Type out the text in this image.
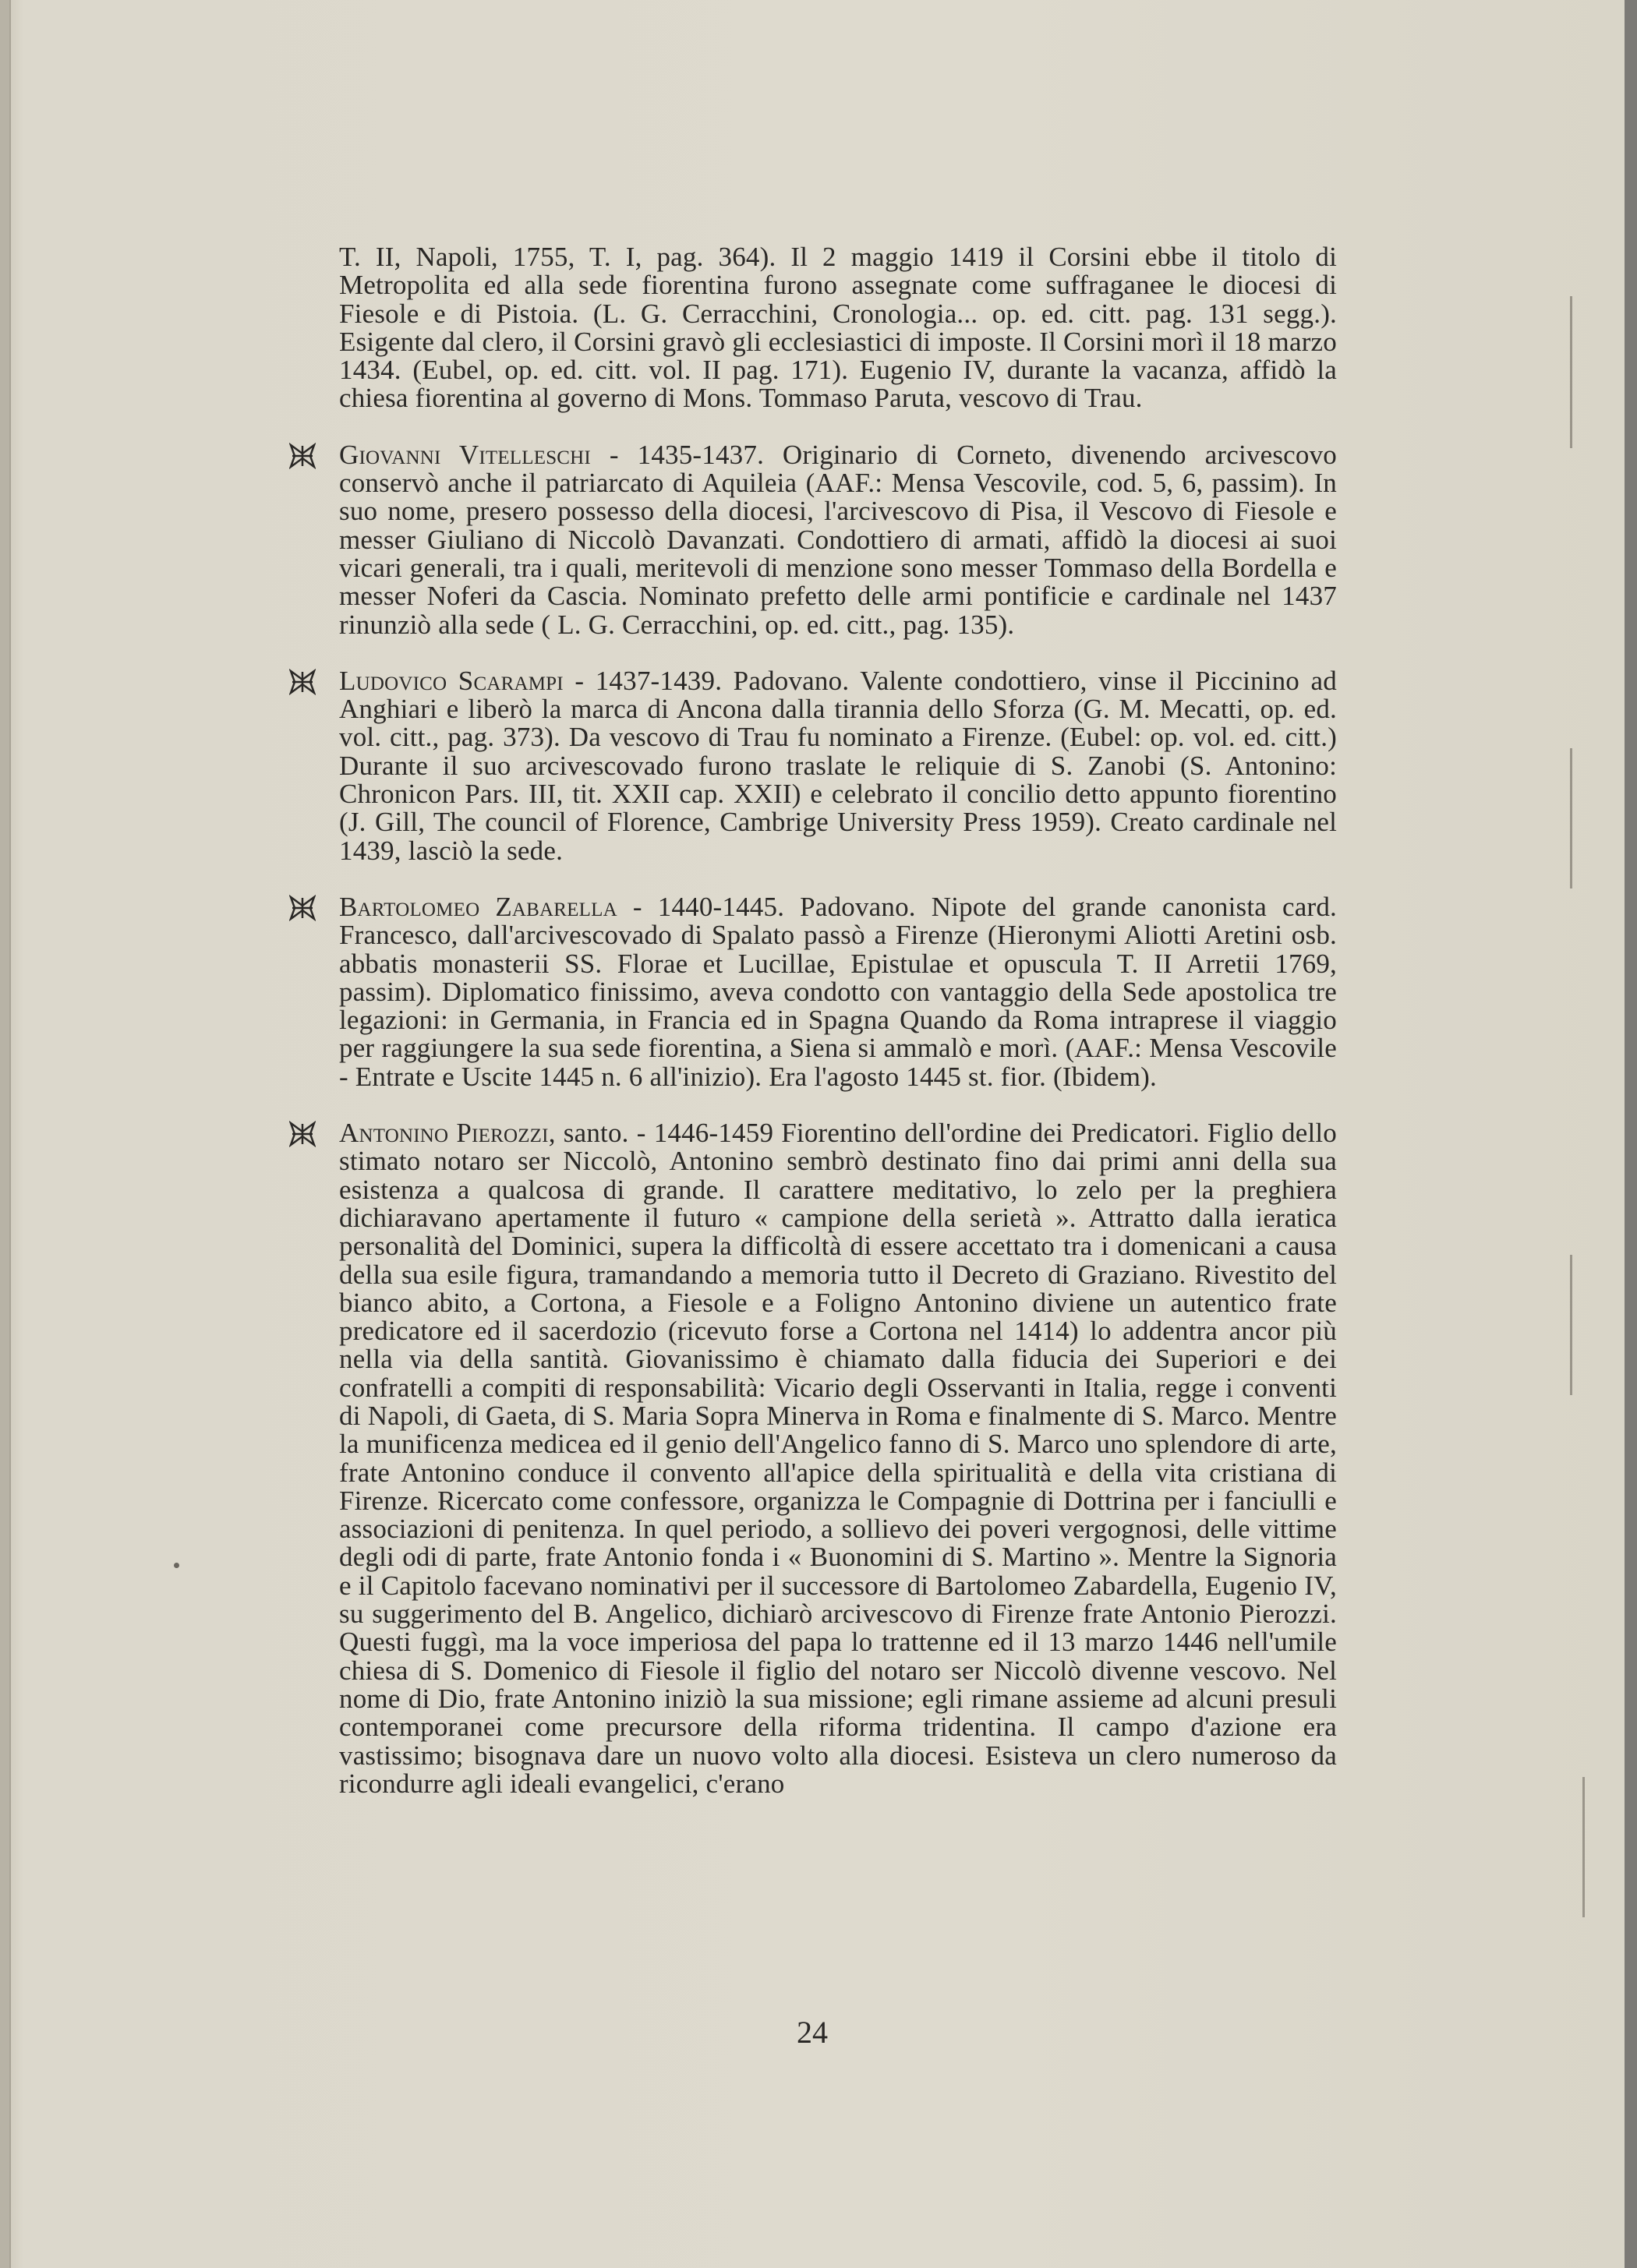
T. II, Napoli, 1755, T. I, pag. 364). Il 2 maggio 1419 il Corsini ebbe il titolo di Metropolita ed alla sede fiorentina furono assegnate come suffraganee le diocesi di Fiesole e di Pistoia. (L. G. Cerracchini, Cronologia... op. ed. citt. pag. 131 segg.). Esigente dal clero, il Corsini gravò gli ecclesiastici di imposte. Il Corsini morì il 18 marzo 1434. (Eubel, op. ed. citt. vol. II pag. 171). Eugenio IV, durante la vacanza, affidò la chiesa fiorentina al governo di Mons. Tommaso Paruta, vescovo di Trau.

Giovanni Vitelleschi - 1435-1437. Originario di Corneto, divenendo arcivescovo conservò anche il patriarcato di Aquileia (AAF.: Mensa Vescovile, cod. 5, 6, passim). In suo nome, presero possesso della diocesi, l'arcivescovo di Pisa, il Vescovo di Fiesole e messer Giuliano di Niccolò Davanzati. Condottiero di armati, affidò la diocesi ai suoi vicari generali, tra i quali, meritevoli di menzione sono messer Tommaso della Bordella e messer Noferi da Cascia. Nominato prefetto delle armi pontificie e cardinale nel 1437 rinunziò alla sede ( L. G. Cerracchini, op. ed. citt., pag. 135).

Ludovico Scarampi - 1437-1439. Padovano. Valente condottiero, vinse il Piccinino ad Anghiari e liberò la marca di Ancona dalla tirannia dello Sforza (G. M. Mecatti, op. ed. vol. citt., pag. 373). Da vescovo di Trau fu nominato a Firenze. (Eubel: op. vol. ed. citt.) Durante il suo arcivescovado furono traslate le reliquie di S. Zanobi (S. Antonino: Chronicon Pars. III, tit. XXII cap. XXII) e celebrato il concilio detto appunto fiorentino (J. Gill, The council of Florence, Cambrige University Press 1959). Creato cardinale nel 1439, lasciò la sede.

Bartolomeo Zabarella - 1440-1445. Padovano. Nipote del grande canonista card. Francesco, dall'arcivescovado di Spalato passò a Firenze (Hieronymi Aliotti Aretini osb. abbatis monasterii SS. Florae et Lucillae, Epistulae et opuscula T. II Arretii 1769, passim). Diplomatico finissimo, aveva condotto con vantaggio della Sede apostolica tre legazioni: in Germania, in Francia ed in Spagna Quando da Roma intraprese il viaggio per raggiungere la sua sede fiorentina, a Siena si ammalò e morì. (AAF.: Mensa Vescovile - Entrate e Uscite 1445 n. 6 all'inizio). Era l'agosto 1445 st. fior. (Ibidem).

Antonino Pierozzi, santo. - 1446-1459 Fiorentino dell'ordine dei Predicatori. Figlio dello stimato notaro ser Niccolò, Antonino sembrò destinato fino dai primi anni della sua esistenza a qualcosa di grande. Il carattere meditativo, lo zelo per la preghiera dichiaravano apertamente il futuro « campione della serietà ». Attratto dalla ieratica personalità del Dominici, supera la difficoltà di essere accettato tra i domenicani a causa della sua esile figura, tramandando a memoria tutto il Decreto di Graziano. Rivestito del bianco abito, a Cortona, a Fiesole e a Foligno Antonino diviene un autentico frate predicatore ed il sacerdozio (ricevuto forse a Cortona nel 1414) lo addentra ancor più nella via della santità. Giovanissimo è chiamato dalla fiducia dei Superiori e dei confratelli a compiti di responsabilità: Vicario degli Osservanti in Italia, regge i conventi di Napoli, di Gaeta, di S. Maria Sopra Minerva in Roma e finalmente di S. Marco. Mentre la munificenza medicea ed il genio dell'Angelico fanno di S. Marco uno splendore di arte, frate Antonino conduce il convento all'apice della spiritualità e della vita cristiana di Firenze. Ricercato come confessore, organizza le Compagnie di Dottrina per i fanciulli e associazioni di penitenza. In quel periodo, a sollievo dei poveri vergognosi, delle vittime degli odi di parte, frate Antonio fonda i « Buonomini di S. Martino ». Mentre la Signoria e il Capitolo facevano nominativi per il successore di Bartolomeo Zabardella, Eugenio IV, su suggerimento del B. Angelico, dichiarò arcivescovo di Firenze frate Antonio Pierozzi. Questi fuggì, ma la voce imperiosa del papa lo trattenne ed il 13 marzo 1446 nell'umile chiesa di S. Domenico di Fiesole il figlio del notaro ser Niccolò divenne vescovo. Nel nome di Dio, frate Antonino iniziò la sua missione; egli rimane assieme ad alcuni presuli contemporanei come precursore della riforma tridentina. Il campo d'azione era vastissimo; bisognava dare un nuovo volto alla diocesi. Esisteva un clero numeroso da ricondurre agli ideali evangelici, c'erano

24
